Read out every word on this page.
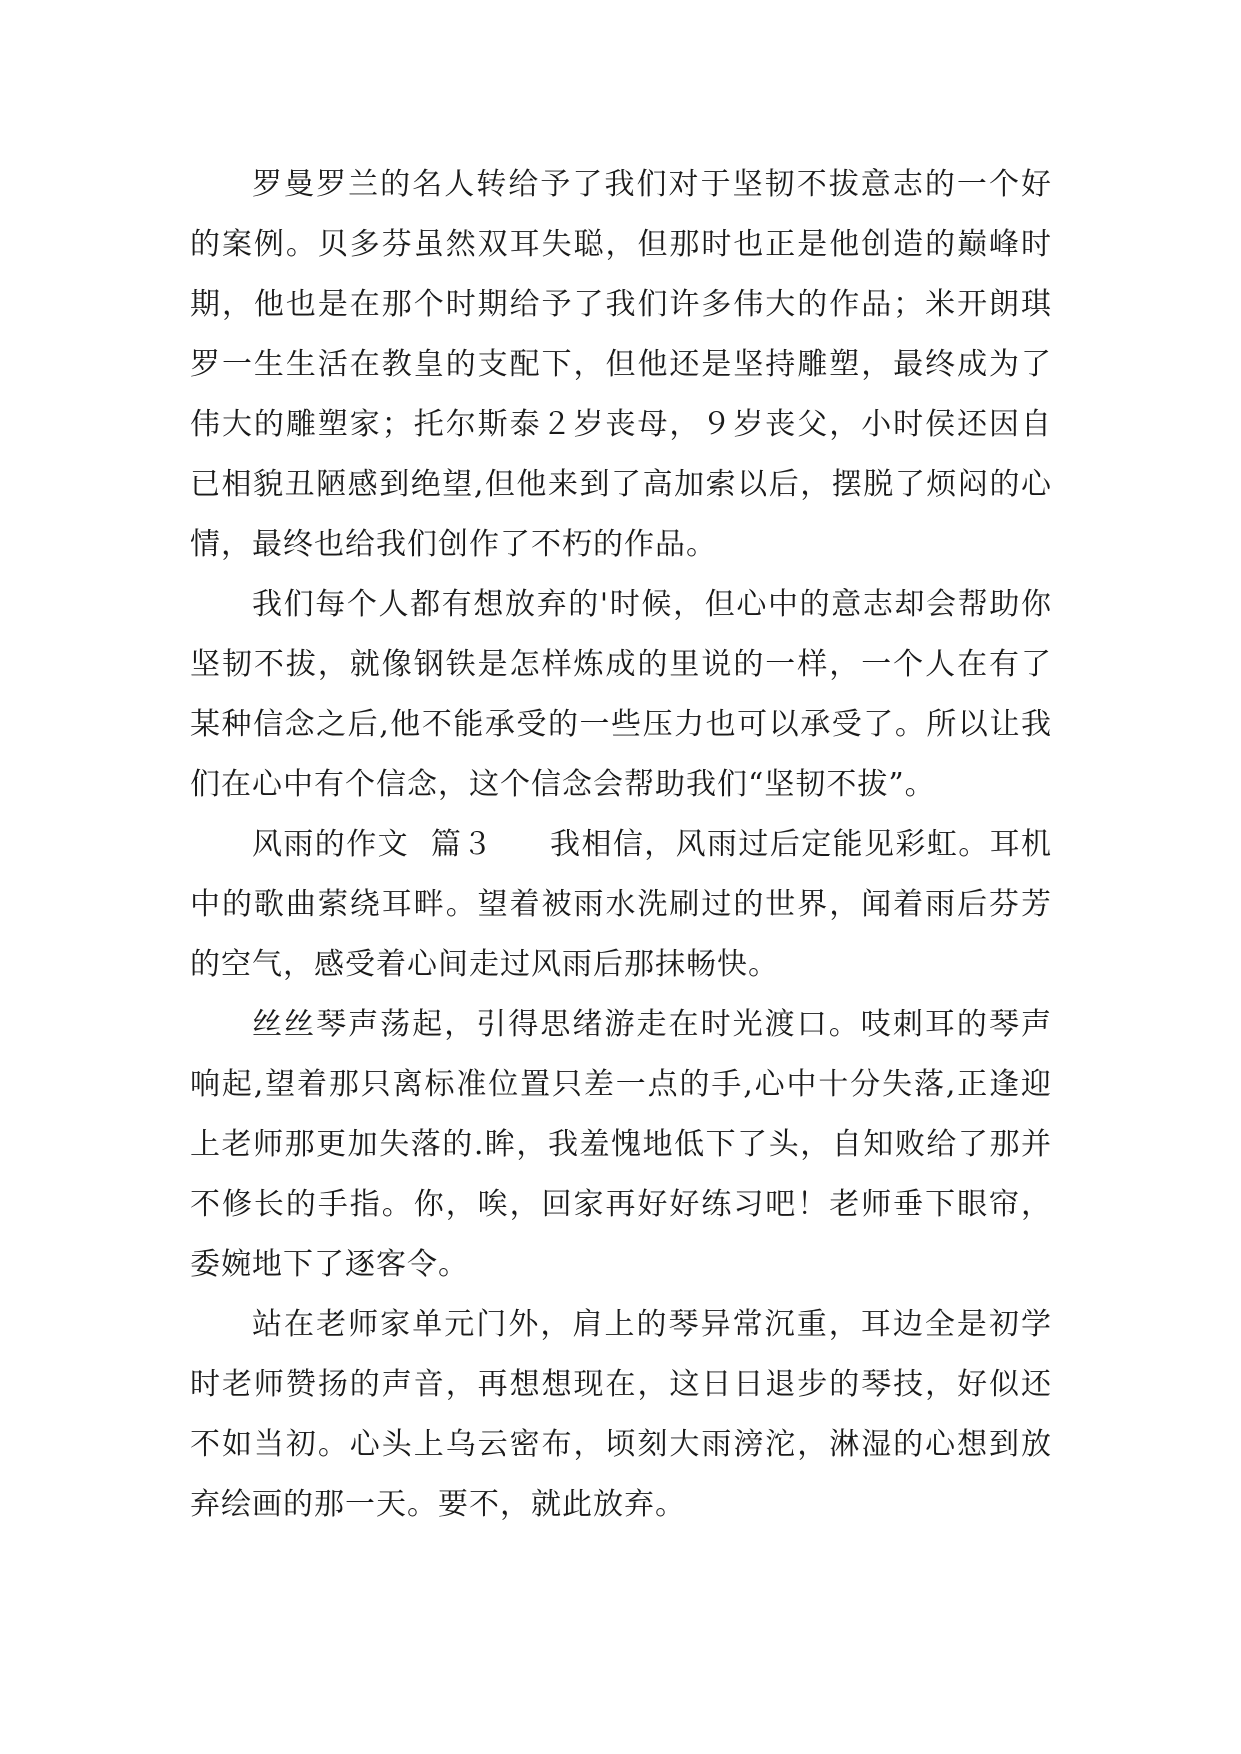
罗曼罗兰的名人转给予了我们对于坚韧不拔意志的一个好的案例。贝多芬虽然双耳失聪，但那时也正是他创造的巅峰时期，他也是在那个时期给予了我们许多伟大的作品；米开朗琪罗一生生活在教皇的支配下，但他还是坚持雕塑，最终成为了伟大的雕塑家；托尔斯泰２岁丧母，９岁丧父，小时侯还因自已相貌丑陋感到绝望,但他来到了高加索以后，摆脱了烦闷的心情，最终也给我们创作了不朽的作品。

我们每个人都有想放弃的'时候，但心中的意志却会帮助你坚韧不拔，就像钢铁是怎样炼成的里说的一样，一个人在有了某种信念之后,他不能承受的一些压力也可以承受了。所以让我们在心中有个信念，这个信念会帮助我们“坚韧不拔”。

风雨的作文  篇３ 我相信，风雨过后定能见彩虹。耳机中的歌曲萦绕耳畔。望着被雨水洗刷过的世界，闻着雨后芬芳的空气，感受着心间走过风雨后那抹畅快。

丝丝琴声荡起，引得思绪游走在时光渡口。吱刺耳的琴声响起,望着那只离标准位置只差一点的手,心中十分失落,正逢迎上老师那更加失落的.眸，我羞愧地低下了头，自知败给了那并不修长的手指。你，唉，回家再好好练习吧！老师垂下眼帘，委婉地下了逐客令。

站在老师家单元门外，肩上的琴异常沉重，耳边全是初学时老师赞扬的声音，再想想现在，这日日退步的琴技，好似还不如当初。心头上乌云密布，顷刻大雨滂沱，淋湿的心想到放弃绘画的那一天。要不，就此放弃。
